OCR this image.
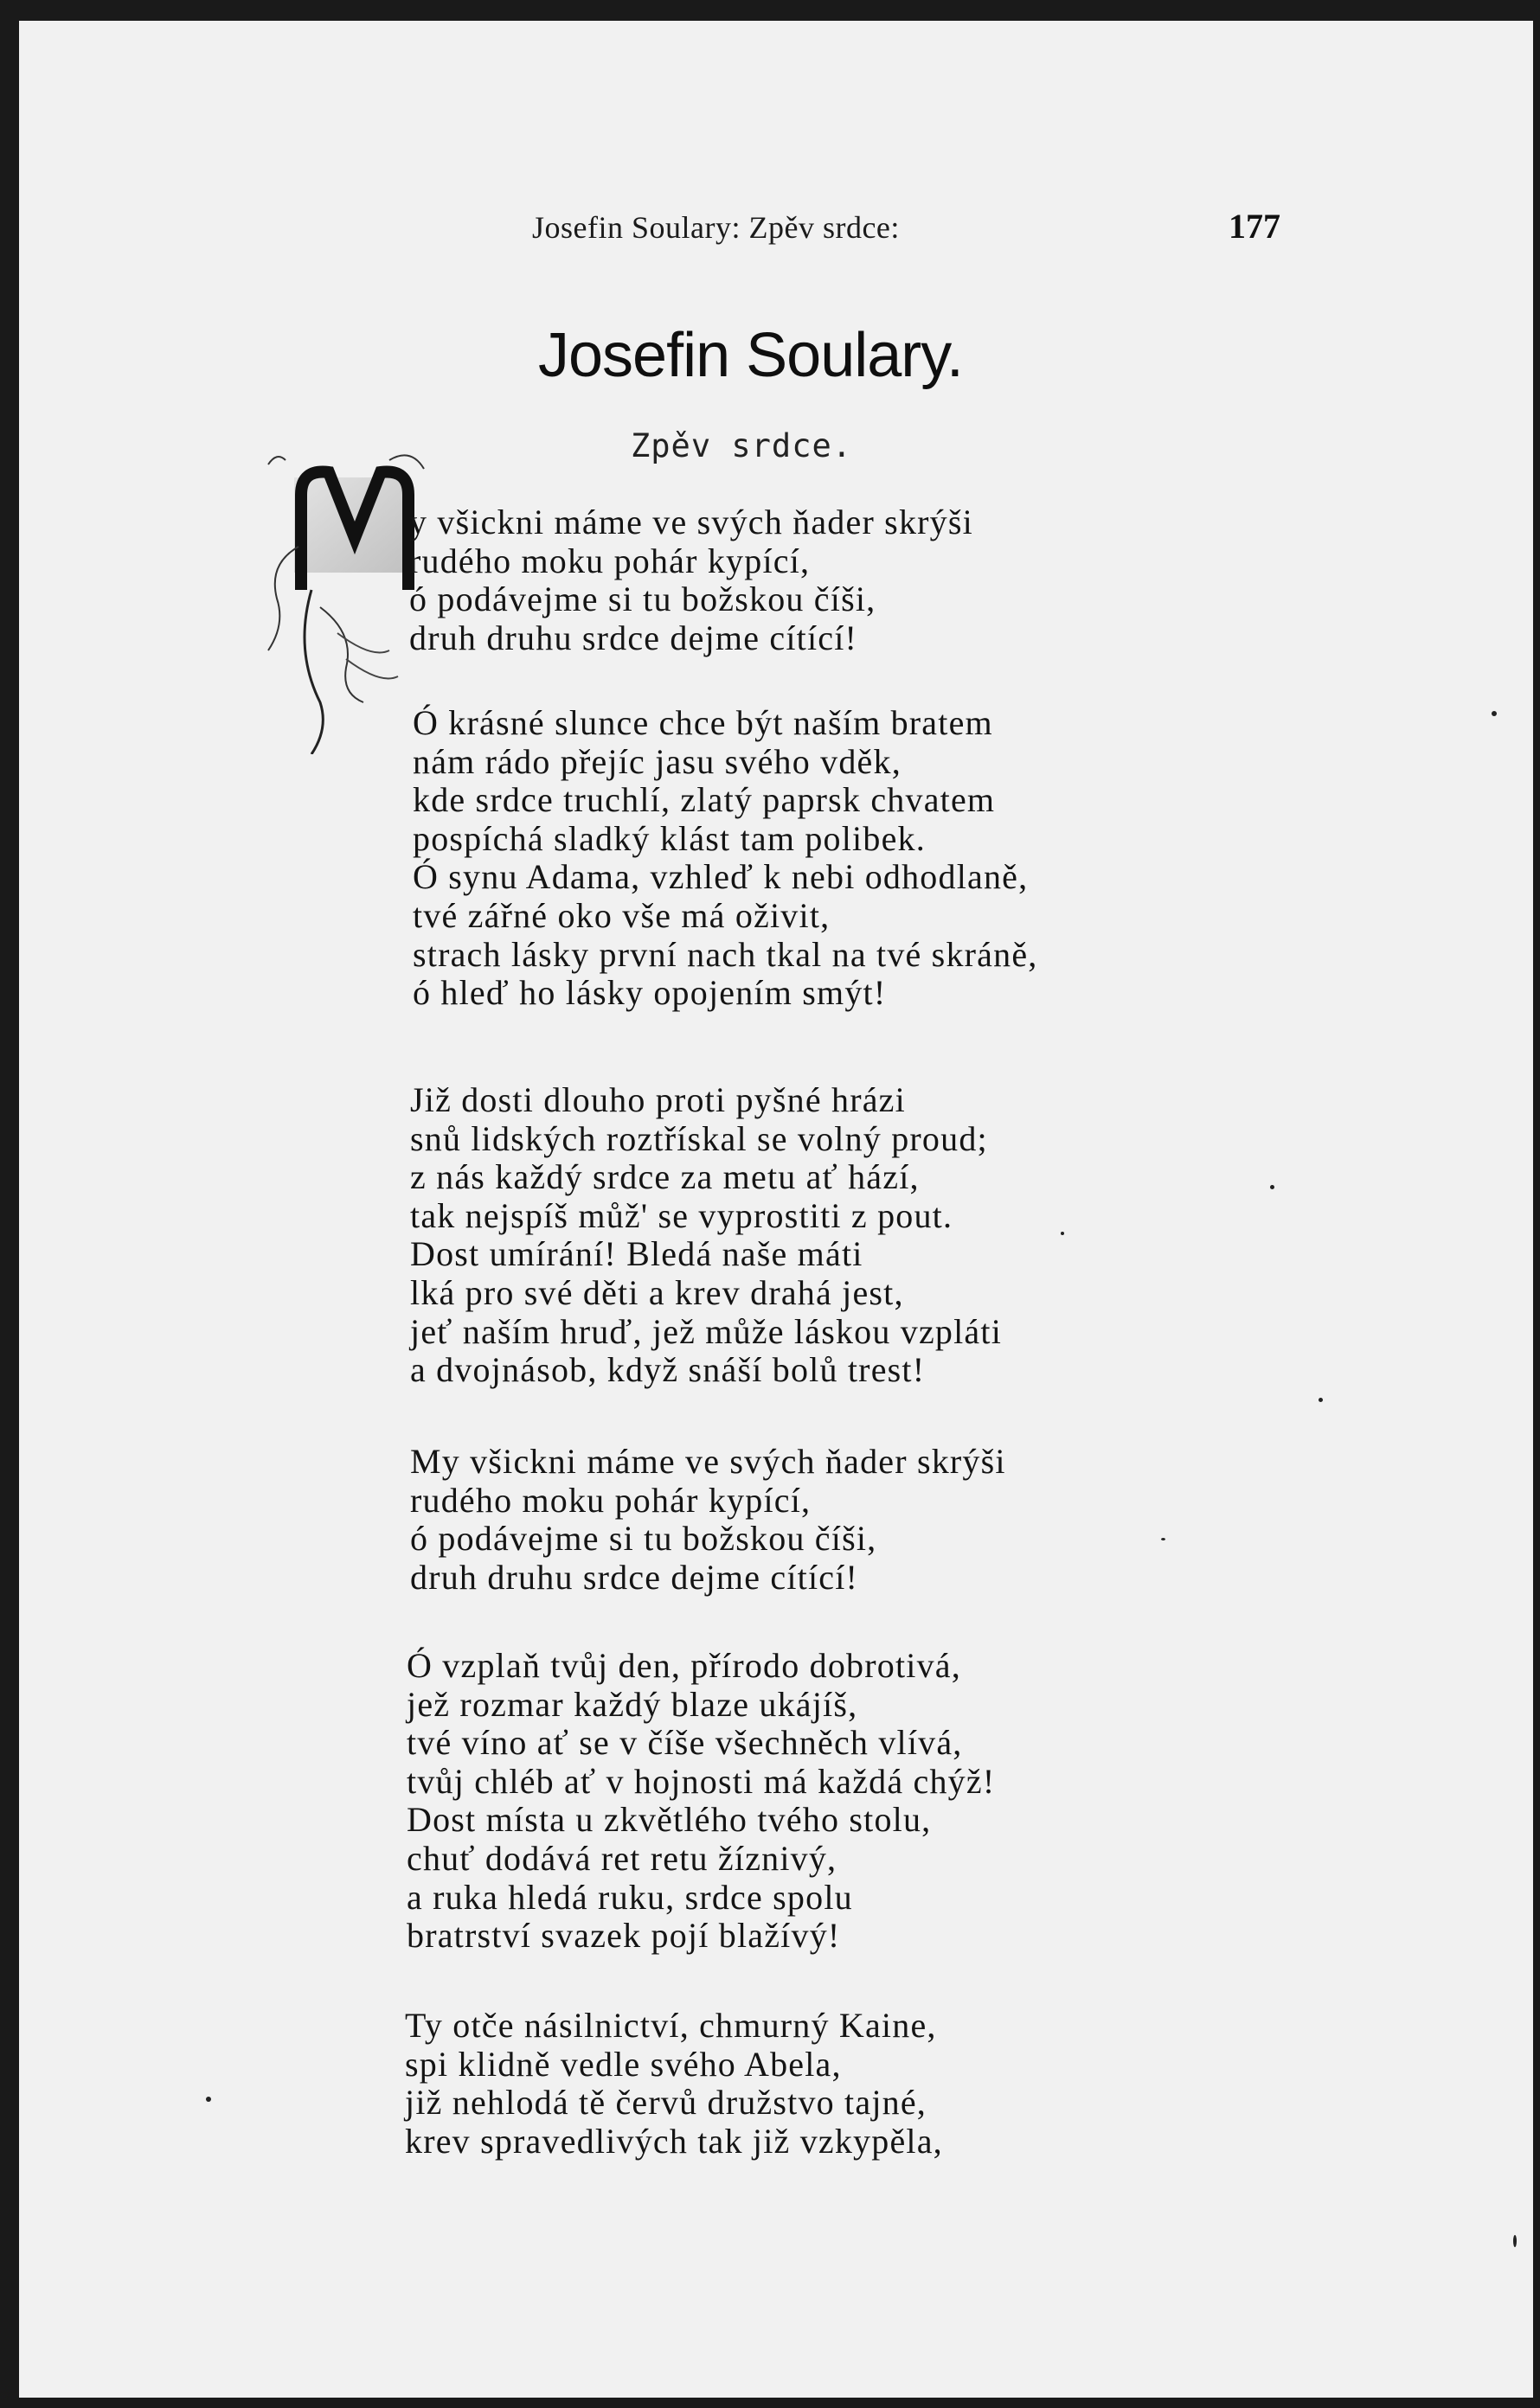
Josefin Soulary: Zpěv srdce:	177
Josefin Soulary.
Zpěv srdce.
M
y všickni máme ve svých ňader skrýši
rudého moku pohár kypící,
ó podávejme si tu božskou číši,
druh druhu srdce dejme cítící!
Ó krásné slunce chce být naším bratem
nám rádo přejíc jasu svého vděk,
kde srdce truchlí, zlatý paprsk chvatem
pospíchá sladký klást tam polibek.
Ó synu Adama, vzhleď k nebi odhodlaně,
tvé zářné oko vše má oživit,
strach lásky první nach tkal na tvé skráně,
ó hleď ho lásky opojením smýt!
Již dosti dlouho proti pyšné hrázi
snů lidských roztřískal se volný proud;
z nás každý srdce za metu ať hází,
tak nejspíš můž' se vyprostiti z pout.
Dost umírání! Bledá naše máti
lká pro své děti a krev drahá jest,
jeť naším hruď, jež může láskou vzpláti
a dvojnásob, když snáší bolů trest!
My všickni máme ve svých ňader skrýši
rudého moku pohár kypící,
ó podávejme si tu božskou číši,
druh druhu srdce dejme cítící!
Ó vzplaň tvůj den, přírodo dobrotivá,
jež rozmar každý blaze ukájíš,
tvé víno ať se v číše všechněch vlívá,
tvůj chléb ať v hojnosti má každá chýž!
Dost místa u zkvětlého tvého stolu,
chuť dodává ret retu žíznivý,
a ruka hledá ruku, srdce spolu
bratrství svazek pojí blažívý!
Ty otče násilnictví, chmurný Kaine,
spi klidně vedle svého Abela,
již nehlodá tě červů družstvo tajné,
krev spravedlivých tak již vzkypěla,
